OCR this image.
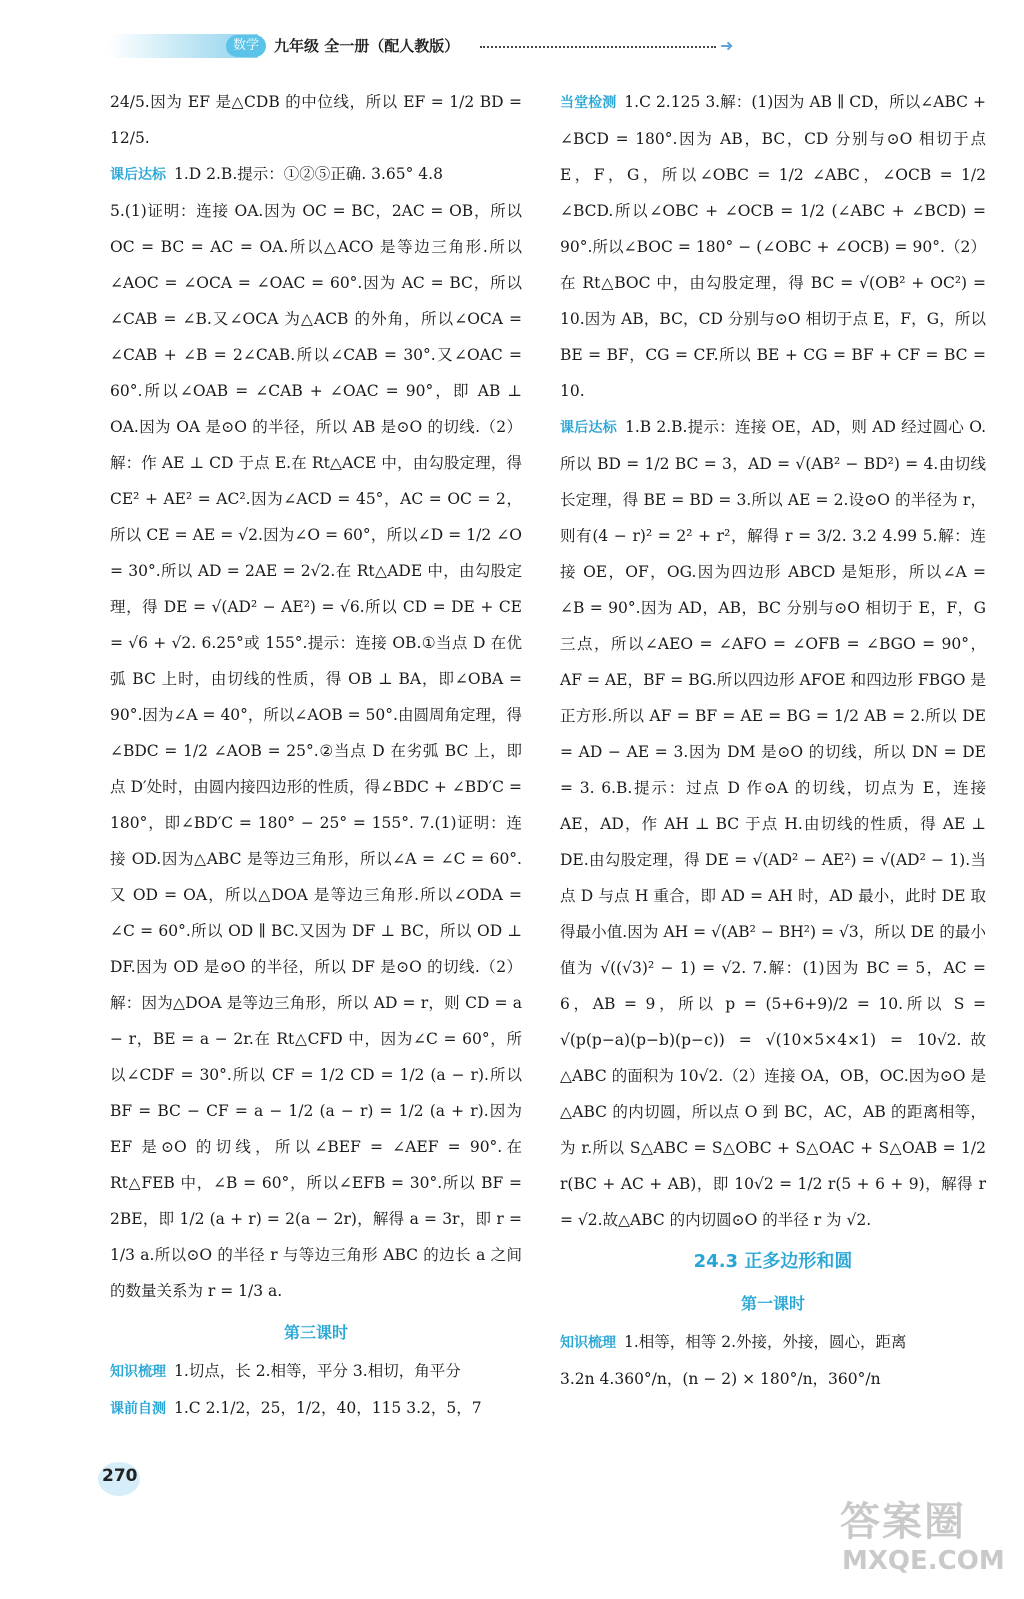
数学	九年级 全一册（配人教版）	➜

24/5.因为 EF 是△CDB 的中位线，所以 EF = 1/2 BD = 12/5.

课后达标 1.D 2.B.提示：①②⑤正确. 3.65° 4.8

5.(1)证明：连接 OA.因为 OC = BC，2AC = OB，所以 OC = BC = AC = OA.所以△ACO 是等边三角形.所以∠AOC = ∠OCA = ∠OAC = 60°.因为 AC = BC，所以∠CAB = ∠B.又∠OCA 为△ACB 的外角，所以∠OCA = ∠CAB + ∠B = 2∠CAB.所以∠CAB = 30°.又∠OAC = 60°.所以∠OAB = ∠CAB + ∠OAC = 90°，即 AB ⊥ OA.因为 OA 是⊙O 的半径，所以 AB 是⊙O 的切线.（2）解：作 AE ⊥ CD 于点 E.在 Rt△ACE 中，由勾股定理，得 CE² + AE² = AC².因为∠ACD = 45°，AC = OC = 2，所以 CE = AE = √2.因为∠O = 60°，所以∠D = 1/2 ∠O = 30°.所以 AD = 2AE = 2√2.在 Rt△ADE 中，由勾股定理，得 DE = √(AD² − AE²) = √6.所以 CD = DE + CE = √6 + √2. 6.25°或 155°.提示：连接 OB.①当点 D 在优弧 BC 上时，由切线的性质，得 OB ⊥ BA，即∠OBA = 90°.因为∠A = 40°，所以∠AOB = 50°.由圆周角定理，得∠BDC = 1/2 ∠AOB = 25°.②当点 D 在劣弧 BC 上，即点 D′处时，由圆内接四边形的性质，得∠BDC + ∠BD′C = 180°，即∠BD′C = 180° − 25° = 155°. 7.(1)证明：连接 OD.因为△ABC 是等边三角形，所以∠A = ∠C = 60°.又 OD = OA，所以△DOA 是等边三角形.所以∠ODA = ∠C = 60°.所以 OD ∥ BC.又因为 DF ⊥ BC，所以 OD ⊥ DF.因为 OD 是⊙O 的半径，所以 DF 是⊙O 的切线.（2）解：因为△DOA 是等边三角形，所以 AD = r，则 CD = a − r，BE = a − 2r.在 Rt△CFD 中，因为∠C = 60°，所以∠CDF = 30°.所以 CF = 1/2 CD = 1/2 (a − r).所以 BF = BC − CF = a − 1/2 (a − r) = 1/2 (a + r).因为 EF 是⊙O 的切线，所以∠BEF = ∠AEF = 90°.在 Rt△FEB 中，∠B = 60°，所以∠EFB = 30°.所以 BF = 2BE，即 1/2 (a + r) = 2(a − 2r)，解得 a = 3r，即 r = 1/3 a.所以⊙O 的半径 r 与等边三角形 ABC 的边长 a 之间的数量关系为 r = 1/3 a.

第三课时

知识梳理 1.切点，长 2.相等，平分 3.相切，角平分

课前自测 1.C 2.1/2，25，1/2，40，115 3.2，5，7

当堂检测 1.C 2.125 3.解：(1)因为 AB ∥ CD，所以∠ABC + ∠BCD = 180°.因为 AB，BC，CD 分别与⊙O 相切于点 E，F，G，所以∠OBC = 1/2 ∠ABC，∠OCB = 1/2 ∠BCD.所以∠OBC + ∠OCB = 1/2 (∠ABC + ∠BCD) = 90°.所以∠BOC = 180° − (∠OBC + ∠OCB) = 90°.（2）在 Rt△BOC 中，由勾股定理，得 BC = √(OB² + OC²) = 10.因为 AB，BC，CD 分别与⊙O 相切于点 E，F，G，所以 BE = BF，CG = CF.所以 BE + CG = BF + CF = BC = 10.

课后达标 1.B 2.B.提示：连接 OE，AD，则 AD 经过圆心 O.所以 BD = 1/2 BC = 3，AD = √(AB² − BD²) = 4.由切线长定理，得 BE = BD = 3.所以 AE = 2.设⊙O 的半径为 r，则有(4 − r)² = 2² + r²，解得 r = 3/2. 3.2 4.99 5.解：连接 OE，OF，OG.因为四边形 ABCD 是矩形，所以∠A = ∠B = 90°.因为 AD，AB，BC 分别与⊙O 相切于 E，F，G 三点，所以∠AEO = ∠AFO = ∠OFB = ∠BGO = 90°，AF = AE，BF = BG.所以四边形 AFOE 和四边形 FBGO 是正方形.所以 AF = BF = AE = BG = 1/2 AB = 2.所以 DE = AD − AE = 3.因为 DM 是⊙O 的切线，所以 DN = DE = 3. 6.B.提示：过点 D 作⊙A 的切线，切点为 E，连接 AE，AD，作 AH ⊥ BC 于点 H.由切线的性质，得 AE ⊥ DE.由勾股定理，得 DE = √(AD² − AE²) = √(AD² − 1).当点 D 与点 H 重合，即 AD = AH 时，AD 最小，此时 DE 取得最小值.因为 AH = √(AB² − BH²) = √3，所以 DE 的最小值为 √((√3)² − 1) = √2. 7.解：(1)因为 BC = 5，AC = 6，AB = 9，所以 p = (5+6+9)/2 = 10.所以 S = √(p(p−a)(p−b)(p−c)) = √(10×5×4×1) = 10√2.故△ABC 的面积为 10√2.（2）连接 OA，OB，OC.因为⊙O 是△ABC 的内切圆，所以点 O 到 BC，AC，AB 的距离相等，为 r.所以 S△ABC = S△OBC + S△OAC + S△OAB = 1/2 r(BC + AC + AB)，即 10√2 = 1/2 r(5 + 6 + 9)，解得 r = √2.故△ABC 的内切圆⊙O 的半径 r 为 √2.

24.3 正多边形和圆
第一课时

知识梳理 1.相等，相等 2.外接，外接，圆心，距离

3.2n 4.360°/n，(n − 2) × 180°/n，360°/n

270
答案圈
MXQE.COM
